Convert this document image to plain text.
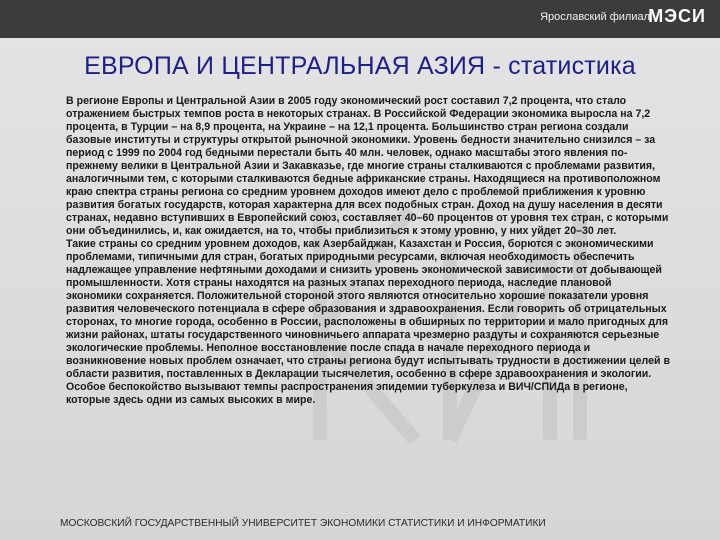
Ярославский филиал
МЭСИ
ЕВРОПА И ЦЕНТРАЛЬНАЯ АЗИЯ - статистика

В регионе Европы и Центральной Азии в 2005 году экономический рост составил 7,2 процента, что стало отражением быстрых темпов роста в некоторых странах. В Российской Федерации экономика выросла на 7,2 процента, в Турции – на 8,9 процента, на Украине – на 12,1 процента. Большинство стран региона создали базовые институты и структуры открытой рыночной экономики. Уровень бедности значительно снизился – за период с 1999 по 2004 год бедными перестали быть 40 млн. человек, однако масштабы этого явления по-прежнему велики в Центральной Азии и Закавказье, где многие страны сталкиваются с проблемами развития, аналогичными тем, с которыми сталкиваются бедные африканские страны. Находящиеся на противоположном краю спектра страны региона со средним уровнем доходов имеют дело с проблемой приближения к уровню развития богатых государств, которая характерна для всех подобных стран. Доход на душу населения в десяти странах, недавно вступивших в Европейский союз, составляет 40–60 процентов от уровня тех стран, с которыми они объединились, и, как ожидается, на то, чтобы приблизиться к этому уровню, у них уйдет 20–30 лет.

Такие страны со средним уровнем доходов, как Азербайджан, Казахстан и Россия, борются с экономическими проблемами, типичными для стран, богатых природными ресурсами, включая необходимость обеспечить надлежащее управление нефтяными доходами и снизить уровень экономической зависимости от добывающей промышленности. Хотя страны находятся на разных этапах переходного периода, наследие плановой экономики сохраняется. Положительной стороной этого являются относительно хорошие показатели уровня развития человеческого потенциала в сфере образования и здравоохранения. Если говорить об отрицательных сторонах, то многие города, особенно в России, расположены в обширных по территории и мало пригодных для жизни районах, штаты государственного чиновничьего аппарата чрезмерно раздуты и сохраняются серьезные экологические проблемы. Неполное восстановление после спада в начале переходного периода и возникновение новых проблем означает, что страны региона будут испытывать трудности в достижении целей в области развития, поставленных в Декларации тысячелетия, особенно в сфере здравоохранения и экологии. Особое беспокойство вызывают темпы распространения эпидемии туберкулеза и ВИЧ/СПИДа в регионе, которые здесь одни из самых высоких в мире.

МОСКОВСКИЙ ГОСУДАРСТВЕННЫЙ УНИВЕРСИТЕТ ЭКОНОМИКИ СТАТИСТИКИ И ИНФОРМАТИКИ
